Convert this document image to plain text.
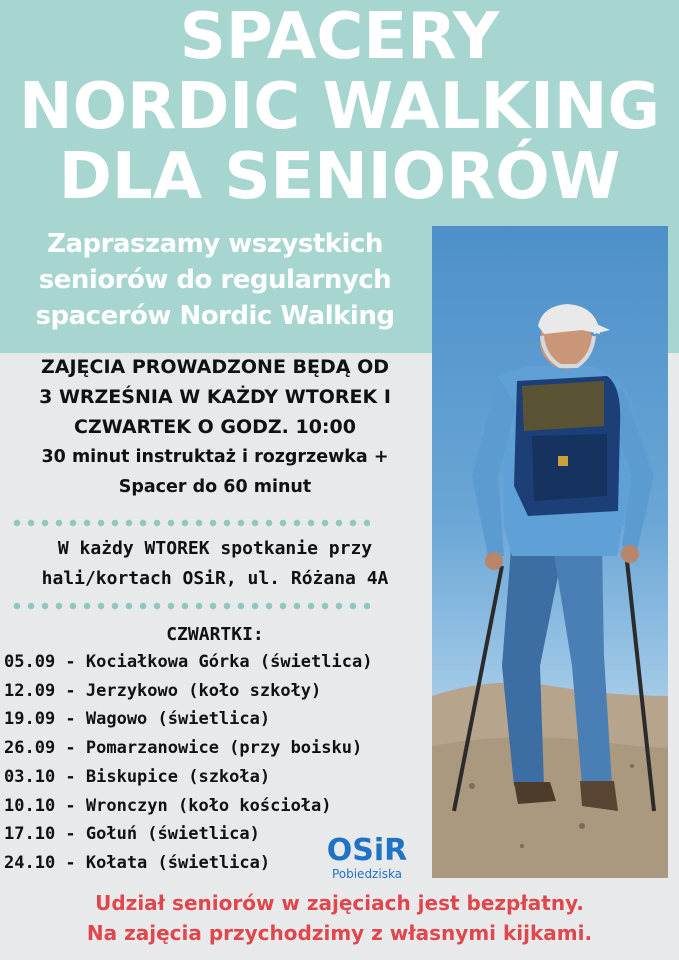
SPACERY
NORDIC WALKING
DLA SENIORÓW
Zapraszamy wszystkich
seniorów do regularnych
spacerów Nordic Walking
ZAJĘCIA PROWADZONE BĘDĄ OD
3 WRZEŚNIA W KAŻDY WTOREK I
CZWARTEK O GODZ. 10:00
30 minut instruktaż i rozgrzewka +
Spacer do 60 minut
W każdy WTOREK spotkanie przy
hali/kortach OSiR, ul. Różana 4A
CZWARTKI:
05.09 - Kociałkowa Górka (świetlica)
12.09 - Jerzykowo (koło szkoły)
19.09 - Wagowo (świetlica)
26.09 - Pomarzanowice (przy boisku)
03.10 - Biskupice (szkoła)
10.10 - Wronczyn (koło kościoła)
17.10 - Gołuń (świetlica)
24.10 - Kołata (świetlica)	OSiR
Pobiedziska
Udział seniorów w zajęciach jest bezpłatny.
Na zajęcia przychodzimy z własnymi kijkami.
